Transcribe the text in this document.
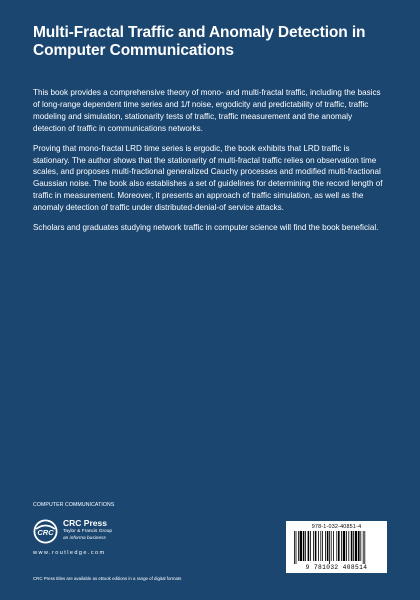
Multi-Fractal Traffic and Anomaly Detection in Computer Communications

This book provides a comprehensive theory of mono- and multi-fractal traffic, including the basics of long-range dependent time series and 1/f noise, ergodicity and predictability of traffic, traffic modeling and simulation, stationarity tests of traffic, traffic measurement and the anomaly detection of traffic in communications networks.

Proving that mono-fractal LRD time series is ergodic, the book exhibits that LRD traffic is stationary. The author shows that the stationarity of multi-fractal traffic relies on observation time scales, and proposes multi-fractional generalized Cauchy processes and modified multi-fractional Gaussian noise. The book also establishes a set of guidelines for determining the record length of traffic in measurement. Moreover, it presents an approach of traffic simulation, as well as the anomaly detection of traffic under distributed-denial-of service attacks.

Scholars and graduates studying network traffic in computer science will find the book beneficial.

COMPUTER COMMUNICATIONS
CRC
CRC Press
Taylor & Francis Group
an informa business
www.routledge.com
CRC Press titles are available as eBook editions in a range of digital formats
978-1-032-40851-4
9 781032 408514
